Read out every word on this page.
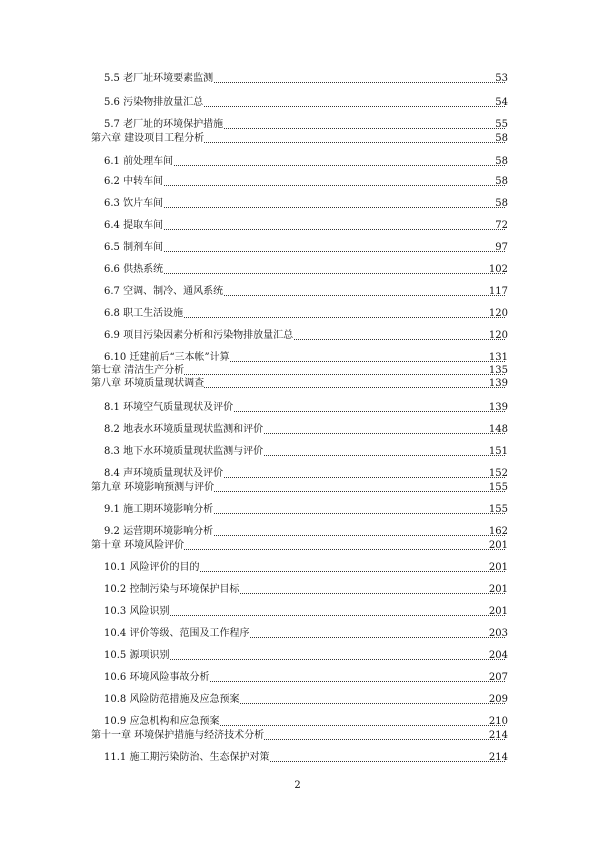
5.5 老厂址环境要素监测	53
5.6 污染物排放量汇总	54
5.7 老厂址的环境保护措施	55
第六章 建设项目工程分析	58
6.1 前处理车间	58
6.2 中转车间	58
6.3 饮片车间	58
6.4 提取车间	72
6.5 制剂车间	97
6.6 供热系统	102
6.7 空调、制冷、通风系统	117
6.8 职工生活设施	120
6.9 项目污染因素分析和污染物排放量汇总	120
6.10 迁建前后“三本帐”计算	131
第七章 清洁生产分析	135
第八章 环境质量现状调查	139
8.1 环境空气质量现状及评价	139
8.2 地表水环境质量现状监测和评价	148
8.3 地下水环境质量现状监测与评价	151
8.4 声环境质量现状及评价	152
第九章 环境影响预测与评价	155
9.1 施工期环境影响分析	155
9.2 运营期环境影响分析	162
第十章 环境风险评价	201
10.1 风险评价的目的	201
10.2 控制污染与环境保护目标	201
10.3 风险识别	201
10.4 评价等级、范围及工作程序	203
10.5 源项识别	204
10.6 环境风险事故分析	207
10.8 风险防范措施及应急预案	209
10.9 应急机构和应急预案	210
第十一章 环境保护措施与经济技术分析	214
11.1 施工期污染防治、生态保护对策	214
2
